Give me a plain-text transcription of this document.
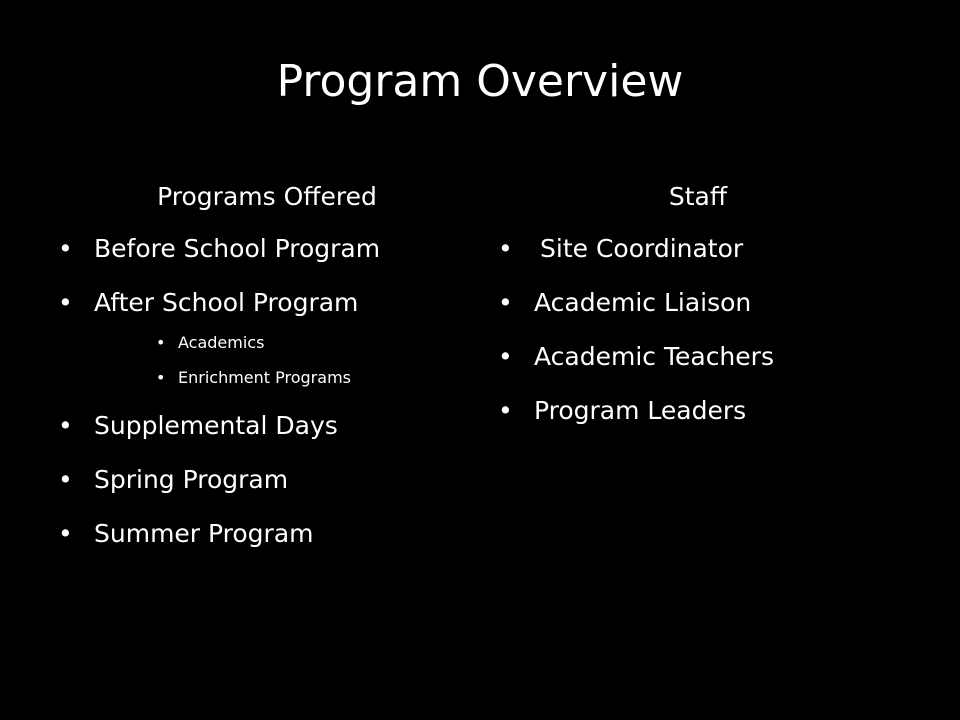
Program Overview
Programs Offered
• Before School Program
• After School Program
• Academics
• Enrichment Programs
• Supplemental Days
• Spring Program
• Summer Program
Staff
• Site Coordinator
• Academic Liaison
• Academic Teachers
• Program Leaders
